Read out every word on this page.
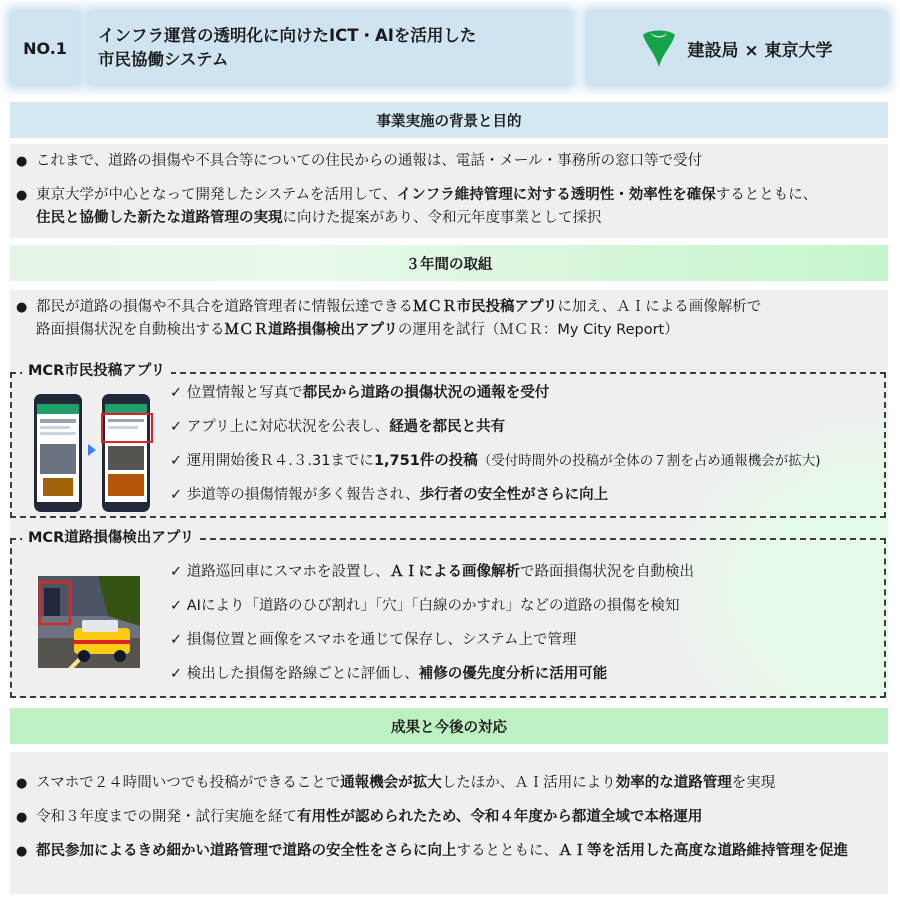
NO.1
インフラ運営の透明化に向けたICT・AIを活用した
市民協働システム	建設局 × 東京大学
事業実施の背景と目的
● これまで、道路の損傷や不具合等についての住民からの通報は、電話・メール・事務所の窓口等で受付
● 東京大学が中心となって開発したシステムを活用して、インフラ維持管理に対する透明性・効率性を確保するとともに、
住民と協働した新たな道路管理の実現に向けた提案があり、令和元年度事業として採択
３年間の取組
● 都民が道路の損傷や不具合を道路管理者に情報伝達できるＭＣＲ市民投稿アプリに加え、ＡＩによる画像解析で
路面損傷状況を自動検出するＭＣＲ道路損傷検出アプリの運用を試行（ＭＣＲ：My City Report）
MCR市民投稿アプリ
✓ 位置情報と写真で都民から道路の損傷状況の通報を受付
✓ アプリ上に対応状況を公表し、経過を都民と共有
✓ 運用開始後Ｒ４.３.31までに1,751件の投稿（受付時間外の投稿が全体の７割を占め通報機会が拡大)
✓ 歩道等の損傷情報が多く報告され、歩行者の安全性がさらに向上
MCR道路損傷検出アプリ
✓ 道路巡回車にスマホを設置し、ＡＩによる画像解析で路面損傷状況を自動検出
✓ AIにより「道路のひび割れ」「穴」「白線のかすれ」などの道路の損傷を検知
✓ 損傷位置と画像をスマホを通じて保存し、システム上で管理
✓ 検出した損傷を路線ごとに評価し、補修の優先度分析に活用可能
成果と今後の対応
● スマホで２４時間いつでも投稿ができることで通報機会が拡大したほか、ＡＩ活用により効率的な道路管理を実現
● 令和３年度までの開発・試行実施を経て有用性が認められたため、令和４年度から都道全域で本格運用
● 都民参加によるきめ細かい道路管理で道路の安全性をさらに向上するとともに、ＡＩ等を活用した高度な道路維持管理を促進
